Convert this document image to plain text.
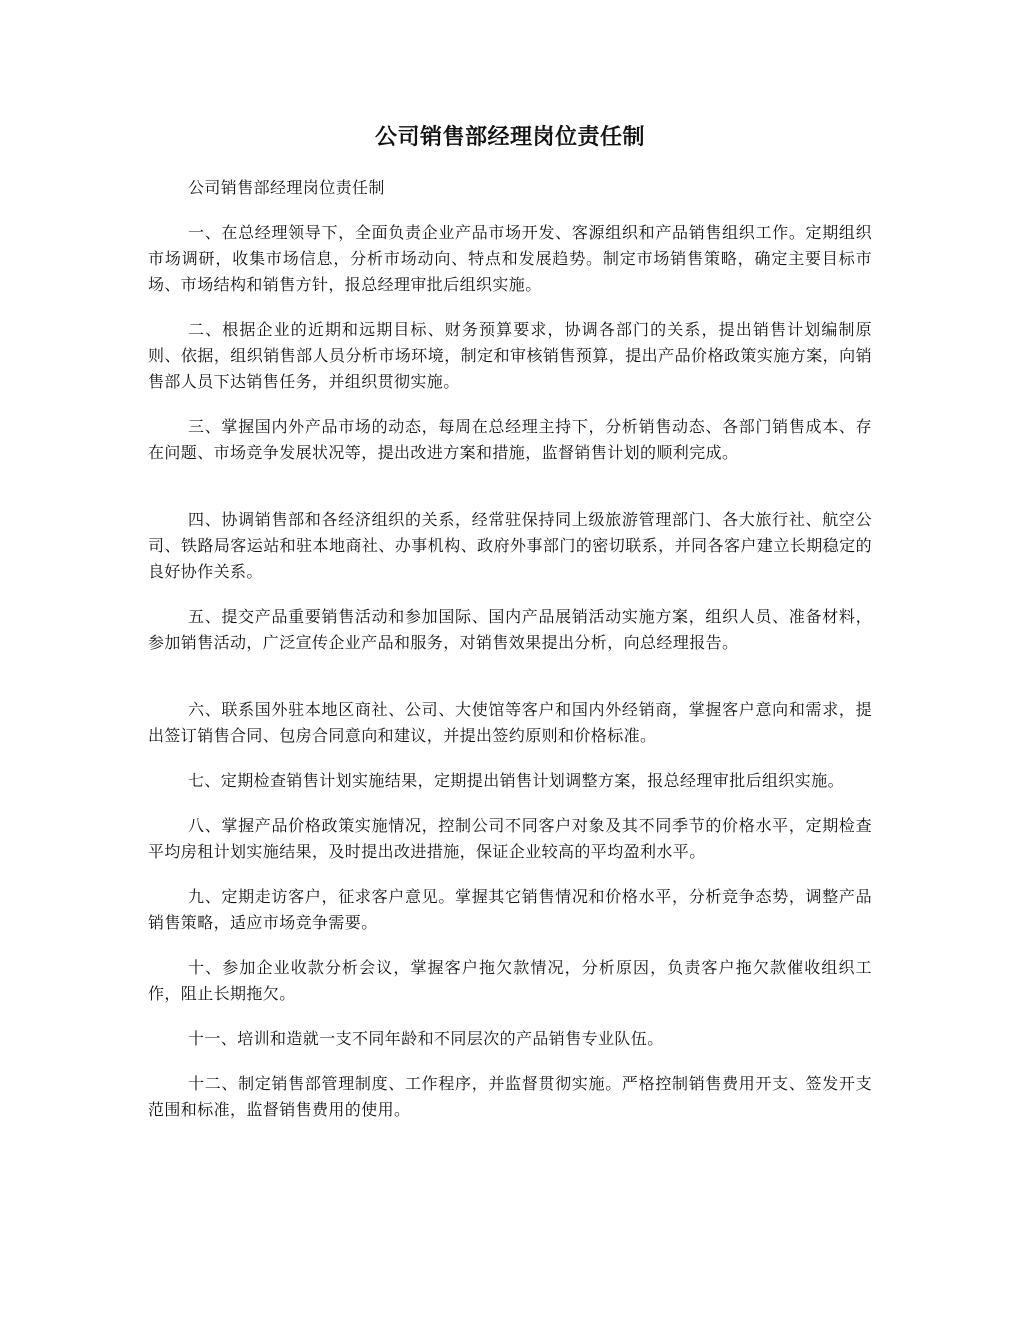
公司销售部经理岗位责任制

公司销售部经理岗位责任制

一、在总经理领导下，全面负责企业产品市场开发、客源组织和产品销售组织工作。定期组织市场调研，收集市场信息，分析市场动向、特点和发展趋势。制定市场销售策略，确定主要目标市场、市场结构和销售方针，报总经理审批后组织实施。

二、根据企业的近期和远期目标、财务预算要求，协调各部门的关系，提出销售计划编制原则、依据，组织销售部人员分析市场环境，制定和审核销售预算，提出产品价格政策实施方案，向销售部人员下达销售任务，并组织贯彻实施。

三、掌握国内外产品市场的动态，每周在总经理主持下，分析销售动态、各部门销售成本、存在问题、市场竞争发展状况等，提出改进方案和措施，监督销售计划的顺利完成。

四、协调销售部和各经济组织的关系，经常驻保持同上级旅游管理部门、各大旅行社、航空公司、铁路局客运站和驻本地商社、办事机构、政府外事部门的密切联系，并同各客户建立长期稳定的良好协作关系。

五、提交产品重要销售活动和参加国际、国内产品展销活动实施方案，组织人员、准备材料，参加销售活动，广泛宣传企业产品和服务，对销售效果提出分析，向总经理报告。

六、联系国外驻本地区商社、公司、大使馆等客户和国内外经销商，掌握客户意向和需求，提出签订销售合同、包房合同意向和建议，并提出签约原则和价格标准。

七、定期检查销售计划实施结果，定期提出销售计划调整方案，报总经理审批后组织实施。

八、掌握产品价格政策实施情况，控制公司不同客户对象及其不同季节的价格水平，定期检查平均房租计划实施结果，及时提出改进措施，保证企业较高的平均盈利水平。

九、定期走访客户，征求客户意见。掌握其它销售情况和价格水平，分析竞争态势，调整产品销售策略，适应市场竞争需要。

十、参加企业收款分析会议，掌握客户拖欠款情况，分析原因，负责客户拖欠款催收组织工作，阻止长期拖欠。

十一、培训和造就一支不同年龄和不同层次的产品销售专业队伍。

十二、制定销售部管理制度、工作程序，并监督贯彻实施。严格控制销售费用开支、签发开支范围和标准，监督销售费用的使用。
